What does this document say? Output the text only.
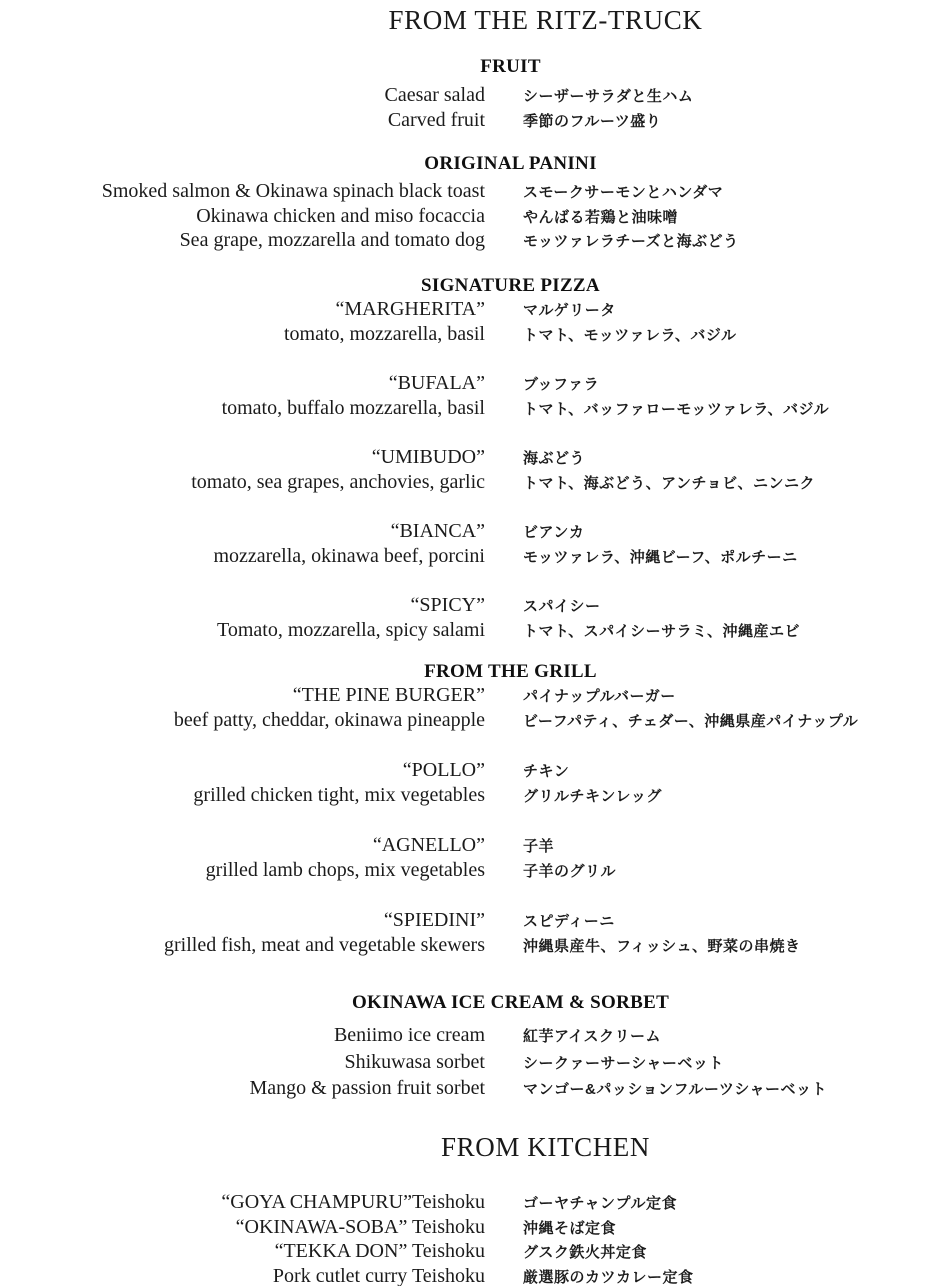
FROM THE RITZ-TRUCK
FRUIT
Caesar salad	シーザーサラダと生ハム
Carved fruit	季節のフルーツ盛り
ORIGINAL PANINI
Smoked salmon & Okinawa spinach black toast	スモークサーモンとハンダマ
Okinawa chicken and miso focaccia	やんばる若鶏と油味噌
Sea grape, mozzarella and tomato dog	モッツァレラチーズと海ぶどう
SIGNATURE PIZZA
“MARGHERITA”	マルゲリータ
tomato, mozzarella, basil	トマト、モッツァレラ、バジル
“BUFALA”	ブッファラ
tomato, buffalo mozzarella, basil	トマト、バッファローモッツァレラ、バジル
“UMIBUDO”	海ぶどう
tomato, sea grapes, anchovies, garlic	トマト、海ぶどう、アンチョビ、ニンニク
“BIANCA”	ビアンカ
mozzarella, okinawa beef, porcini	モッツァレラ、沖縄ビーフ、ポルチーニ
“SPICY”	スパイシー
Tomato, mozzarella, spicy salami	トマト、スパイシーサラミ、沖縄産エビ
FROM THE GRILL
“THE PINE BURGER”	パイナップルバーガー
beef patty, cheddar, okinawa pineapple	ビーフパティ、チェダー、沖縄県産パイナップル
“POLLO”	チキン
grilled chicken tight, mix vegetables	グリルチキンレッグ
“AGNELLO”	子羊
grilled lamb chops, mix vegetables	子羊のグリル
“SPIEDINI”	スピディーニ
grilled fish, meat and vegetable skewers	沖縄県産牛、フィッシュ、野菜の串焼き
OKINAWA ICE CREAM & SORBET
Beniimo ice cream	紅芋アイスクリーム
Shikuwasa sorbet	シークァーサーシャーベット
Mango & passion fruit sorbet	マンゴー&パッションフルーツシャーベット
FROM KITCHEN
“GOYA CHAMPURU”Teishoku	ゴーヤチャンプル定食
“OKINAWA-SOBA” Teishoku	沖縄そば定食
“TEKKA DON” Teishoku	グスク鉄火丼定食
Pork cutlet curry Teishoku	厳選豚のカツカレー定食
